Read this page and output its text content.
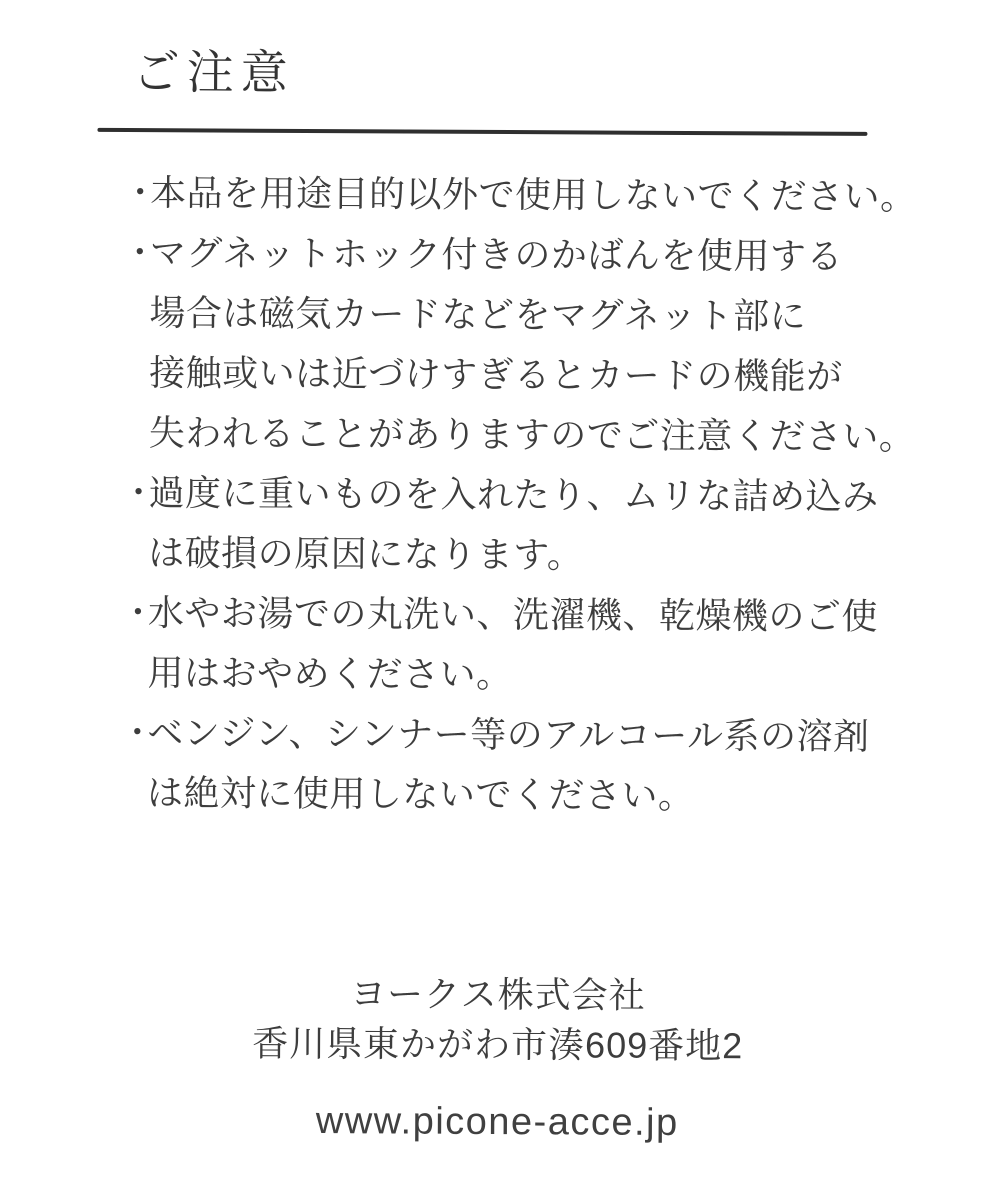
ご注意
・
本品を用途目的以外で使用しないでください。
・
マグネットホック付きのかばんを使用する
場合は磁気カードなどをマグネット部に
接触或いは近づけすぎるとカードの機能が
失われることがありますのでご注意ください。
・
過度に重いものを入れたり、ムリな詰め込み
は破損の原因になります。
・
水やお湯での丸洗い、洗濯機、乾燥機のご使
用はおやめください。
・
ベンジン、シンナー等のアルコール系の溶剤
は絶対に使用しないでください。
ヨークス株式会社
香川県東かがわ市湊609番地2
www.picone-acce.jp
